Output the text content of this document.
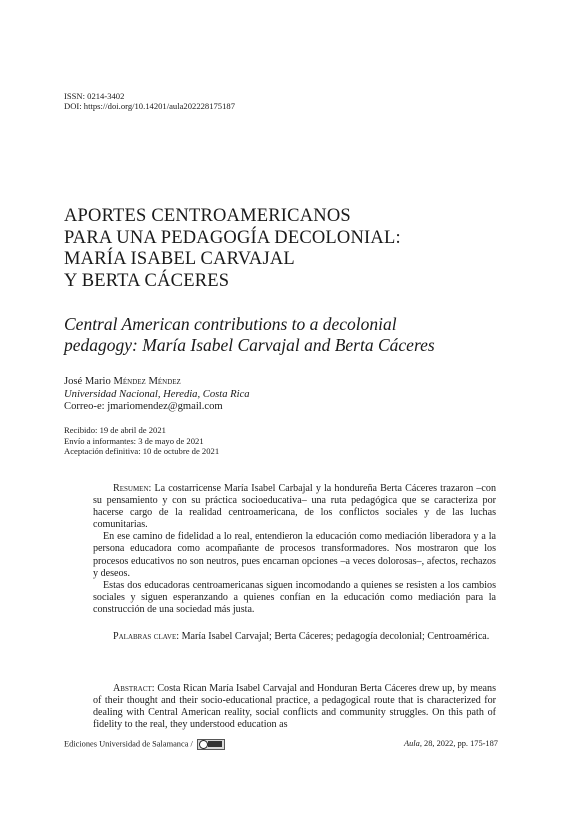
ISSN: 0214-3402
DOI: https://doi.org/10.14201/aula202228175187
APORTES CENTROAMERICANOS
PARA UNA PEDAGOGÍA DECOLONIAL:
MARÍA ISABEL CARVAJAL
Y BERTA CÁCERES
Central American contributions to a decolonial
pedagogy: María Isabel Carvajal and Berta Cáceres
José Mario Méndez Méndez
Universidad Nacional, Heredia, Costa Rica
Correo-e: jmariomendez@gmail.com
Recibido: 19 de abril de 2021
Envío a informantes: 3 de mayo de 2021
Aceptación definitiva: 10 de octubre de 2021

Resumen: La costarricense María Isabel Carbajal y la hondureña Berta Cáceres trazaron –con su pensamiento y con su práctica socioeducativa– una ruta pedagógica que se caracteriza por hacerse cargo de la realidad centroamericana, de los conflictos sociales y de las luchas comunitarias.

En ese camino de fidelidad a lo real, entendieron la educación como mediación liberadora y a la persona educadora como acompañante de procesos transformadores. Nos mostraron que los procesos educativos no son neutros, pues encarnan opciones –a veces dolorosas–, afectos, rechazos y deseos.

Estas dos educadoras centroamericanas siguen incomodando a quienes se resisten a los cambios sociales y siguen esperanzando a quienes confían en la educación como mediación para la construcción de una sociedad más justa.

Palabras clave: María Isabel Carvajal; Berta Cáceres; pedagogía decolonial; Centroamérica.
Abstract: Costa Rican María Isabel Carvajal and Honduran Berta Cáceres drew up, by means of their thought and their socio-educational practice, a pedagogical route that is characterized for dealing with Central American reality, social conflicts and community struggles. On this path of fidelity to the real, they understood education as
Ediciones Universidad de Salamanca /	Aula, 28, 2022, pp. 175-187
